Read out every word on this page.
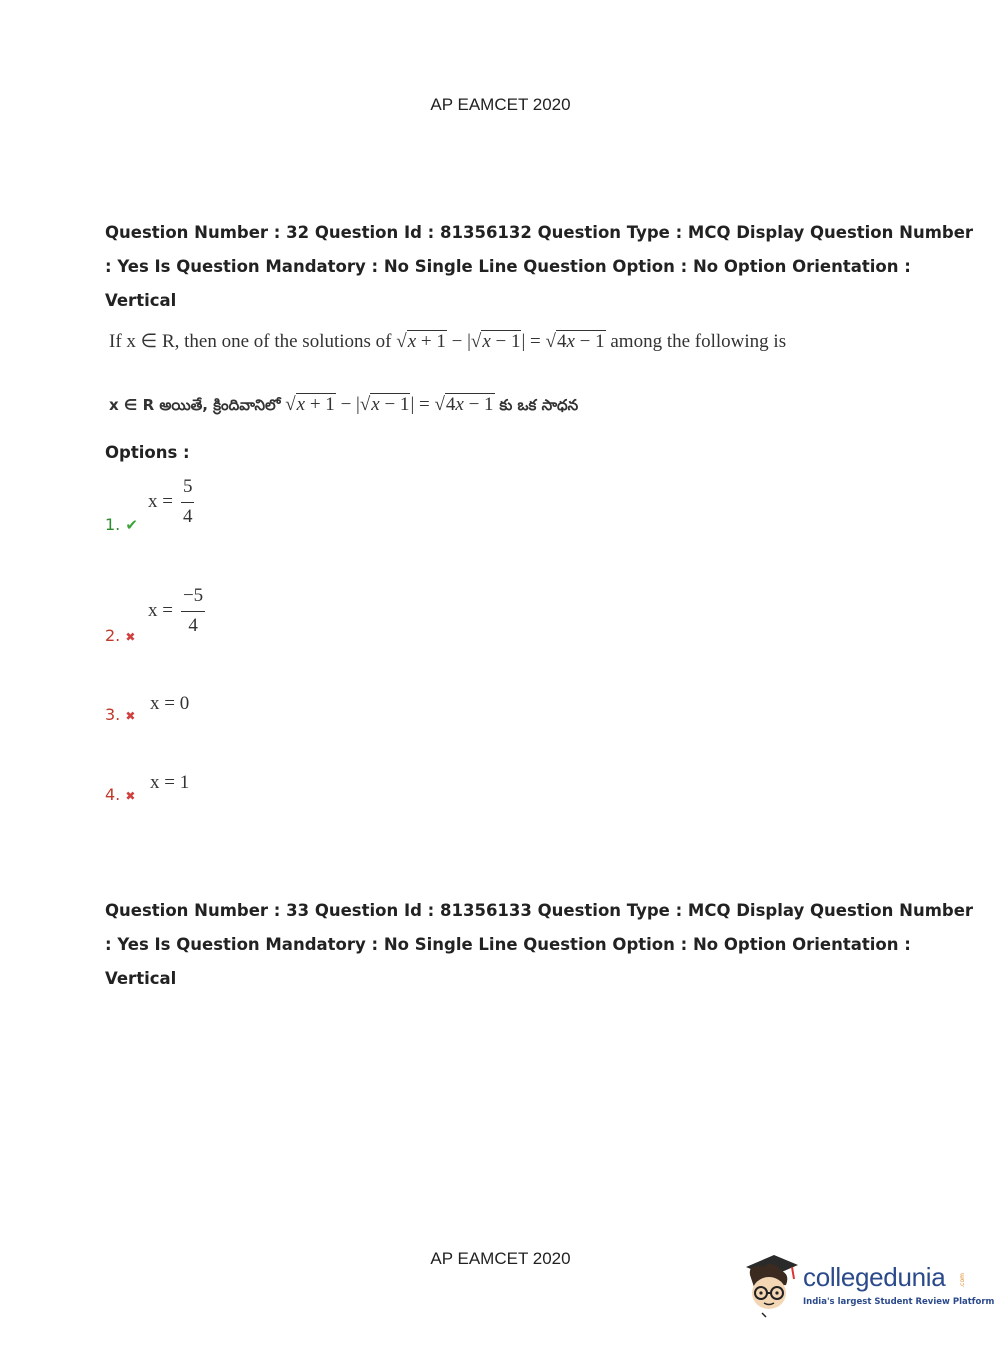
AP EAMCET 2020

Question Number : 32 Question Id : 81356132 Question Type : MCQ Display Question Number

: Yes Is Question Mandatory : No Single Line Question Option : No Option Orientation :

Vertical

If x ∈ R, then one of the solutions of √x + 1 − |√x − 1| = √4x − 1 among the following is
x ∈ R అయితే, క్రిందివానిలో √x + 1 − |√x − 1| = √4x − 1 కు ఒక సాధన
Options :
1. ✔
$x = \frac{5}{4}$
2. ✖
$x = \frac{-5}{4}$
3. ✖
x = 0
4. ✖
x = 1

Question Number : 33 Question Id : 81356133 Question Type : MCQ Display Question Number

: Yes Is Question Mandatory : No Single Line Question Option : No Option Orientation :

Vertical

AP EAMCET 2020
collegedunia
India's largest Student Review Platform
.com
